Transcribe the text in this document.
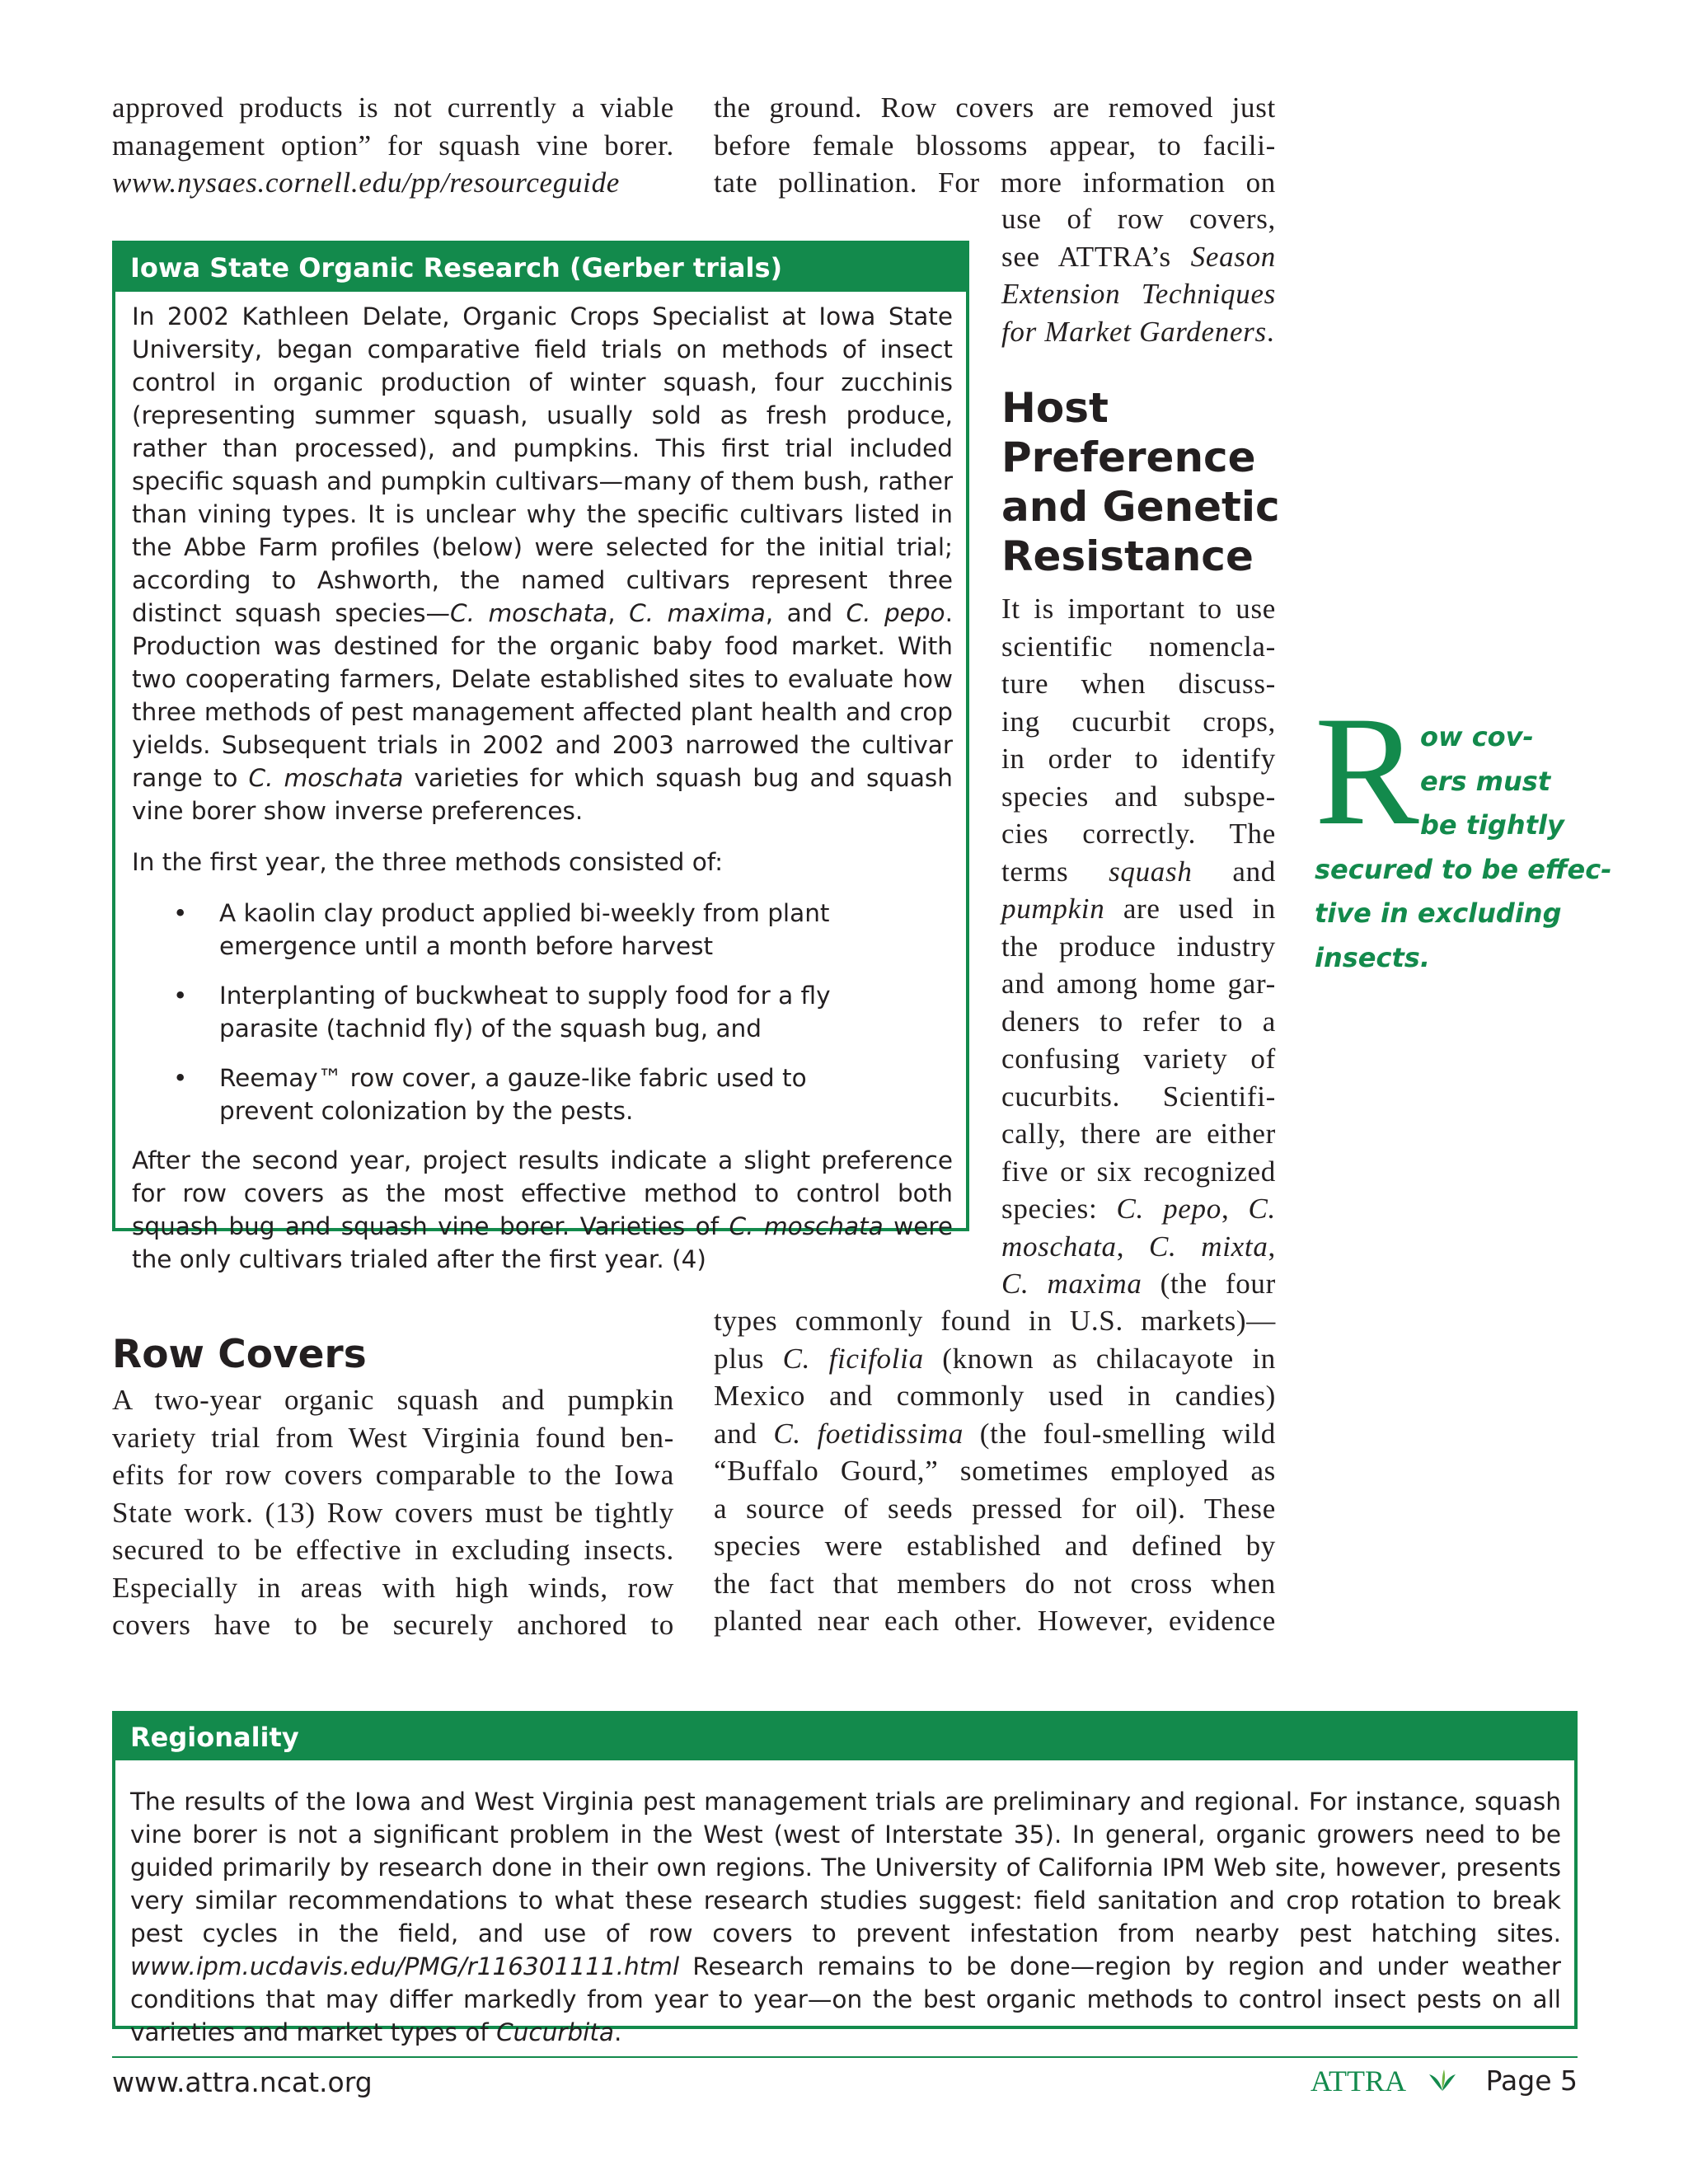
approved products is not currently a viable
management option” for squash vine borer.
www.nysaes.cornell.edu/pp/resourceguide
the ground. Row covers are removed just
before female blossoms appear, to facili-
tate pollination. For more information on
use of row covers,
see ATTRA’s Season
Extension Techniques
for Market Gardeners.
Iowa State Organic Research (Gerber trials)

In 2002 Kathleen Delate, Organic Crops Specialist at Iowa State University, began comparative field trials on methods of insect control in organic production of winter squash, four zucchinis (representing summer squash, usually sold as fresh produce, rather than processed), and pumpkins. This first trial included specific squash and pumpkin cultivars—many of them bush, rather than vining types. It is unclear why the specific cultivars listed in the Abbe Farm profiles (below) were selected for the initial trial; according to Ashworth, the named cultivars represent three distinct squash species—C. moschata, C. maxima, and C. pepo. Production was destined for the organic baby food market. With two cooperating farmers, Delate established sites to evaluate how three methods of pest management affected plant health and crop yields. Subsequent trials in 2002 and 2003 narrowed the cultivar range to C. moschata varieties for which squash bug and squash vine borer show inverse preferences.

In the first year, the three methods consisted of:

• A kaolin clay product applied bi-weekly from plant emergence until a month before harvest
• Interplanting of buckwheat to supply food for a fly parasite (tachnid fly) of the squash bug, and
• Reemay™ row cover, a gauze-like fabric used to prevent colonization by the pests.

After the second year, project results indicate a slight preference for row covers as the most effective method to control both squash bug and squash vine borer. Varieties of C. moschata were the only cultivars trialed after the first year. (4)

Host
Preference
and Genetic
Resistance
It is important to use
scientific nomencla-
ture when discuss-
ing cucurbit crops,
in order to identify
species and subspe-
cies correctly. The
terms squash and
pumpkin are used in
the produce industry
and among home gar-
deners to refer to a
confusing variety of
cucurbits. Scientifi-
cally, there are either
five or six recognized
species: C. pepo, C.
moschata, C. mixta,
C. maxima (the four
types commonly found in U.S. markets)—
plus C. ficifolia (known as chilacayote in
Mexico and commonly used in candies)
and C. foetidissima (the foul-smelling wild
“Buffalo Gourd,” sometimes employed as
a source of seeds pressed for oil). These
species were established and defined by
the fact that members do not cross when
planted near each other. However, evidence
Row Covers
A two-year organic squash and pumpkin
variety trial from West Virginia found ben-
efits for row covers comparable to the Iowa
State work. (13) Row covers must be tightly
secured to be effective in excluding insects.
Especially in areas with high winds, row
covers have to be securely anchored to
R ow cov-
ers must
be tightly
secured to be effec-
tive in excluding
insects.
Regionality
The results of the Iowa and West Virginia pest management trials are preliminary and regional. For instance, squash vine borer is not a significant problem in the West (west of Interstate 35). In general, organic growers need to be guided primarily by research done in their own regions. The University of California IPM Web site, however, presents very similar recommendations to what these research studies suggest: field sanitation and crop rotation to break pest cycles in the field, and use of row covers to prevent infestation from nearby pest hatching sites. www.ipm.ucdavis.edu/PMG/r116301111.html Research remains to be done—region by region and under weather conditions that may differ markedly from year to year—on the best organic methods to control insect pests on all varieties and market types of Cucurbita.
www.attra.ncat.org	ATTRA	Page 5
